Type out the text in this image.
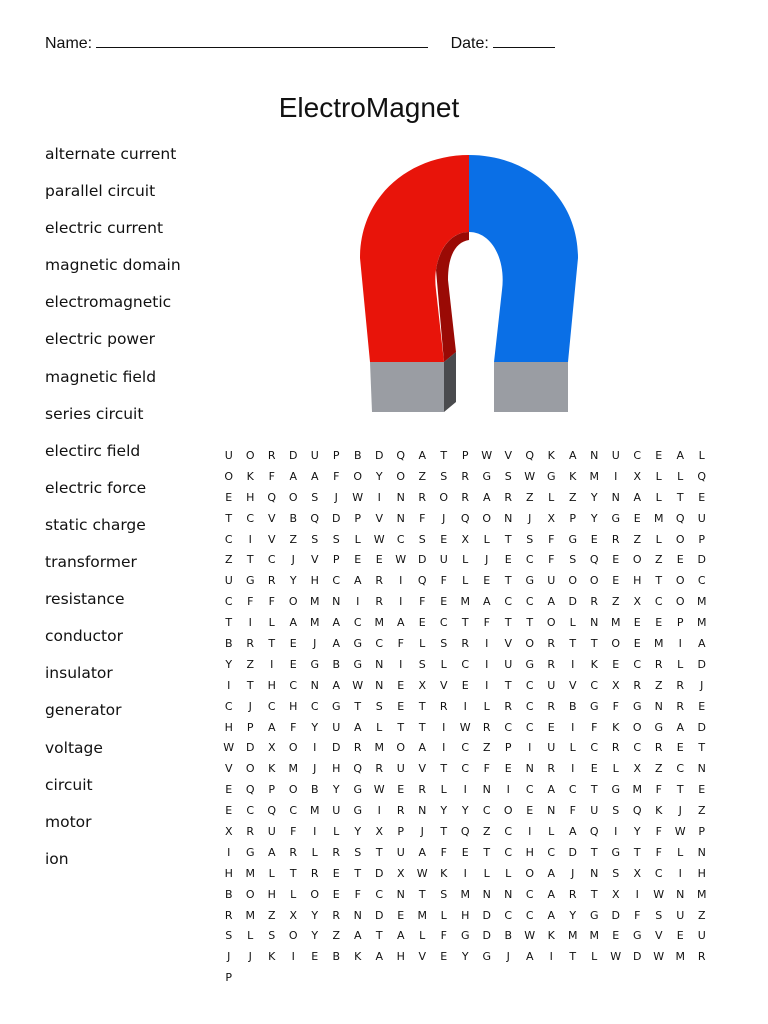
Name:	Date:
ElectroMagnet
alternate current
parallel circuit
electric current
magnetic domain
electromagnetic
electric power
magnetic field
series circuit
electirc field
electric force
static charge
transformer
resistance
conductor
insulator
generator
voltage
circuit
motor
ion
U	O	R	D	U	P	B	D	Q	A	T	P	W	V	Q	K	A	N	U	C	E	A	L
O	K	F	A	A	F	O	Y	O	Z	S	R	G	S	W	G	K	M	I	X	L	L	Q
E	H	Q	O	S	J	W	I	N	R	O	R	A	R	Z	L	Z	Y	N	A	L	T	E
T	C	V	B	Q	D	P	V	N	F	J	Q	O	N	J	X	P	Y	G	E	M	Q	U
C	I	V	Z	S	S	L	W	C	S	E	X	L	T	S	F	G	E	R	Z	L	O	P
Z	T	C	J	V	P	E	E	W	D	U	L	J	E	C	F	S	Q	E	O	Z	E	D
U	G	R	Y	H	C	A	R	I	Q	F	L	E	T	G	U	O	O	E	H	T	O	C
C	F	F	O	M	N	I	R	I	F	E	M	A	C	C	A	D	R	Z	X	C	O	M
T	I	L	A	M	A	C	M	A	E	C	T	F	T	T	O	L	N	M	E	E	P	M
B	R	T	E	J	A	G	C	F	L	S	R	I	V	O	R	T	T	O	E	M	I	A
Y	Z	I	E	G	B	G	N	I	S	L	C	I	U	G	R	I	K	E	C	R	L	D
I	T	H	C	N	A	W	N	E	X	V	E	I	T	C	U	V	C	X	R	Z	R	J
C	J	C	H	C	G	T	S	E	T	R	I	L	R	C	R	B	G	F	G	N	R	E
H	P	A	F	Y	U	A	L	T	T	I	W	R	C	C	E	I	F	K	O	G	A	D
W	D	X	O	I	D	R	M	O	A	I	C	Z	P	I	U	L	C	R	C	R	E	T
V	O	K	M	J	H	Q	R	U	V	T	C	F	E	N	R	I	E	L	X	Z	C	N
E	Q	P	O	B	Y	G	W	E	R	L	I	N	I	C	A	C	T	G	M	F	T	E
E	C	Q	C	M	U	G	I	R	N	Y	Y	C	O	E	N	F	U	S	Q	K	J	Z
X	R	U	F	I	L	Y	X	P	J	T	Q	Z	C	I	L	A	Q	I	Y	F	W	P
I	G	A	R	L	R	S	T	U	A	F	E	T	C	H	C	D	T	G	T	F	L	N
H	M	L	T	R	E	T	D	X	W	K	I	L	L	O	A	J	N	S	X	C	I	H
B	O	H	L	O	E	F	C	N	T	S	M	N	N	C	A	R	T	X	I	W	N	M
R	M	Z	X	Y	R	N	D	E	M	L	H	D	C	C	A	Y	G	D	F	S	U	Z
S	L	S	O	Y	Z	A	T	A	L	F	G	D	B	W	K	M	M	E	G	V	E	U
J	J	K	I	E	B	K	A	H	V	E	Y	G	J	A	I	T	L	W	D	W	M	R
P
